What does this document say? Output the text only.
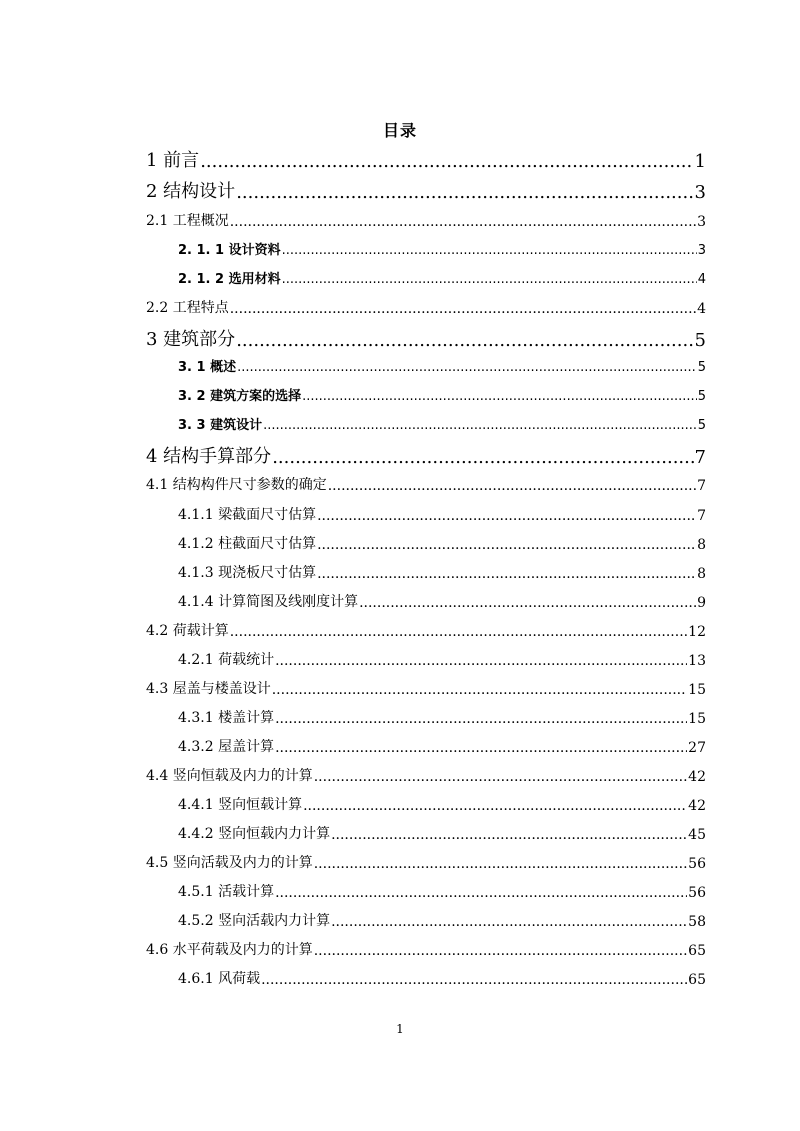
目录
1 前言 .....	1
2 结构设计 .....	3
2.1 工程概况 .....	3
2. 1. 1 设计资料 .....	3
2. 1. 2 选用材料 .....	4
2.2 工程特点 .....	4
3 建筑部分 .....	5
3. 1 概述 .....	5
3. 2 建筑方案的选择 .....	5
3. 3 建筑设计 .....	5
4 结构手算部分 .....	7
4.1 结构构件尺寸参数的确定 .....	7
4.1.1 梁截面尺寸估算 .....	7
4.1.2 柱截面尺寸估算 .....	8
4.1.3 现浇板尺寸估算 .....	8
4.1.4 计算简图及线刚度计算 .....	9
4.2 荷载计算 .....	12
4.2.1 荷载统计 .....	13
4.3 屋盖与楼盖设计 .....	15
4.3.1 楼盖计算 .....	15
4.3.2 屋盖计算 .....	27
4.4 竖向恒载及内力的计算 .....	42
4.4.1 竖向恒载计算 .....	42
4.4.2 竖向恒载内力计算 .....	45
4.5 竖向活载及内力的计算 .....	56
4.5.1 活载计算 .....	56
4.5.2 竖向活载内力计算 .....	58
4.6 水平荷载及内力的计算 .....	65
4.6.1 风荷载 .....	65
1
